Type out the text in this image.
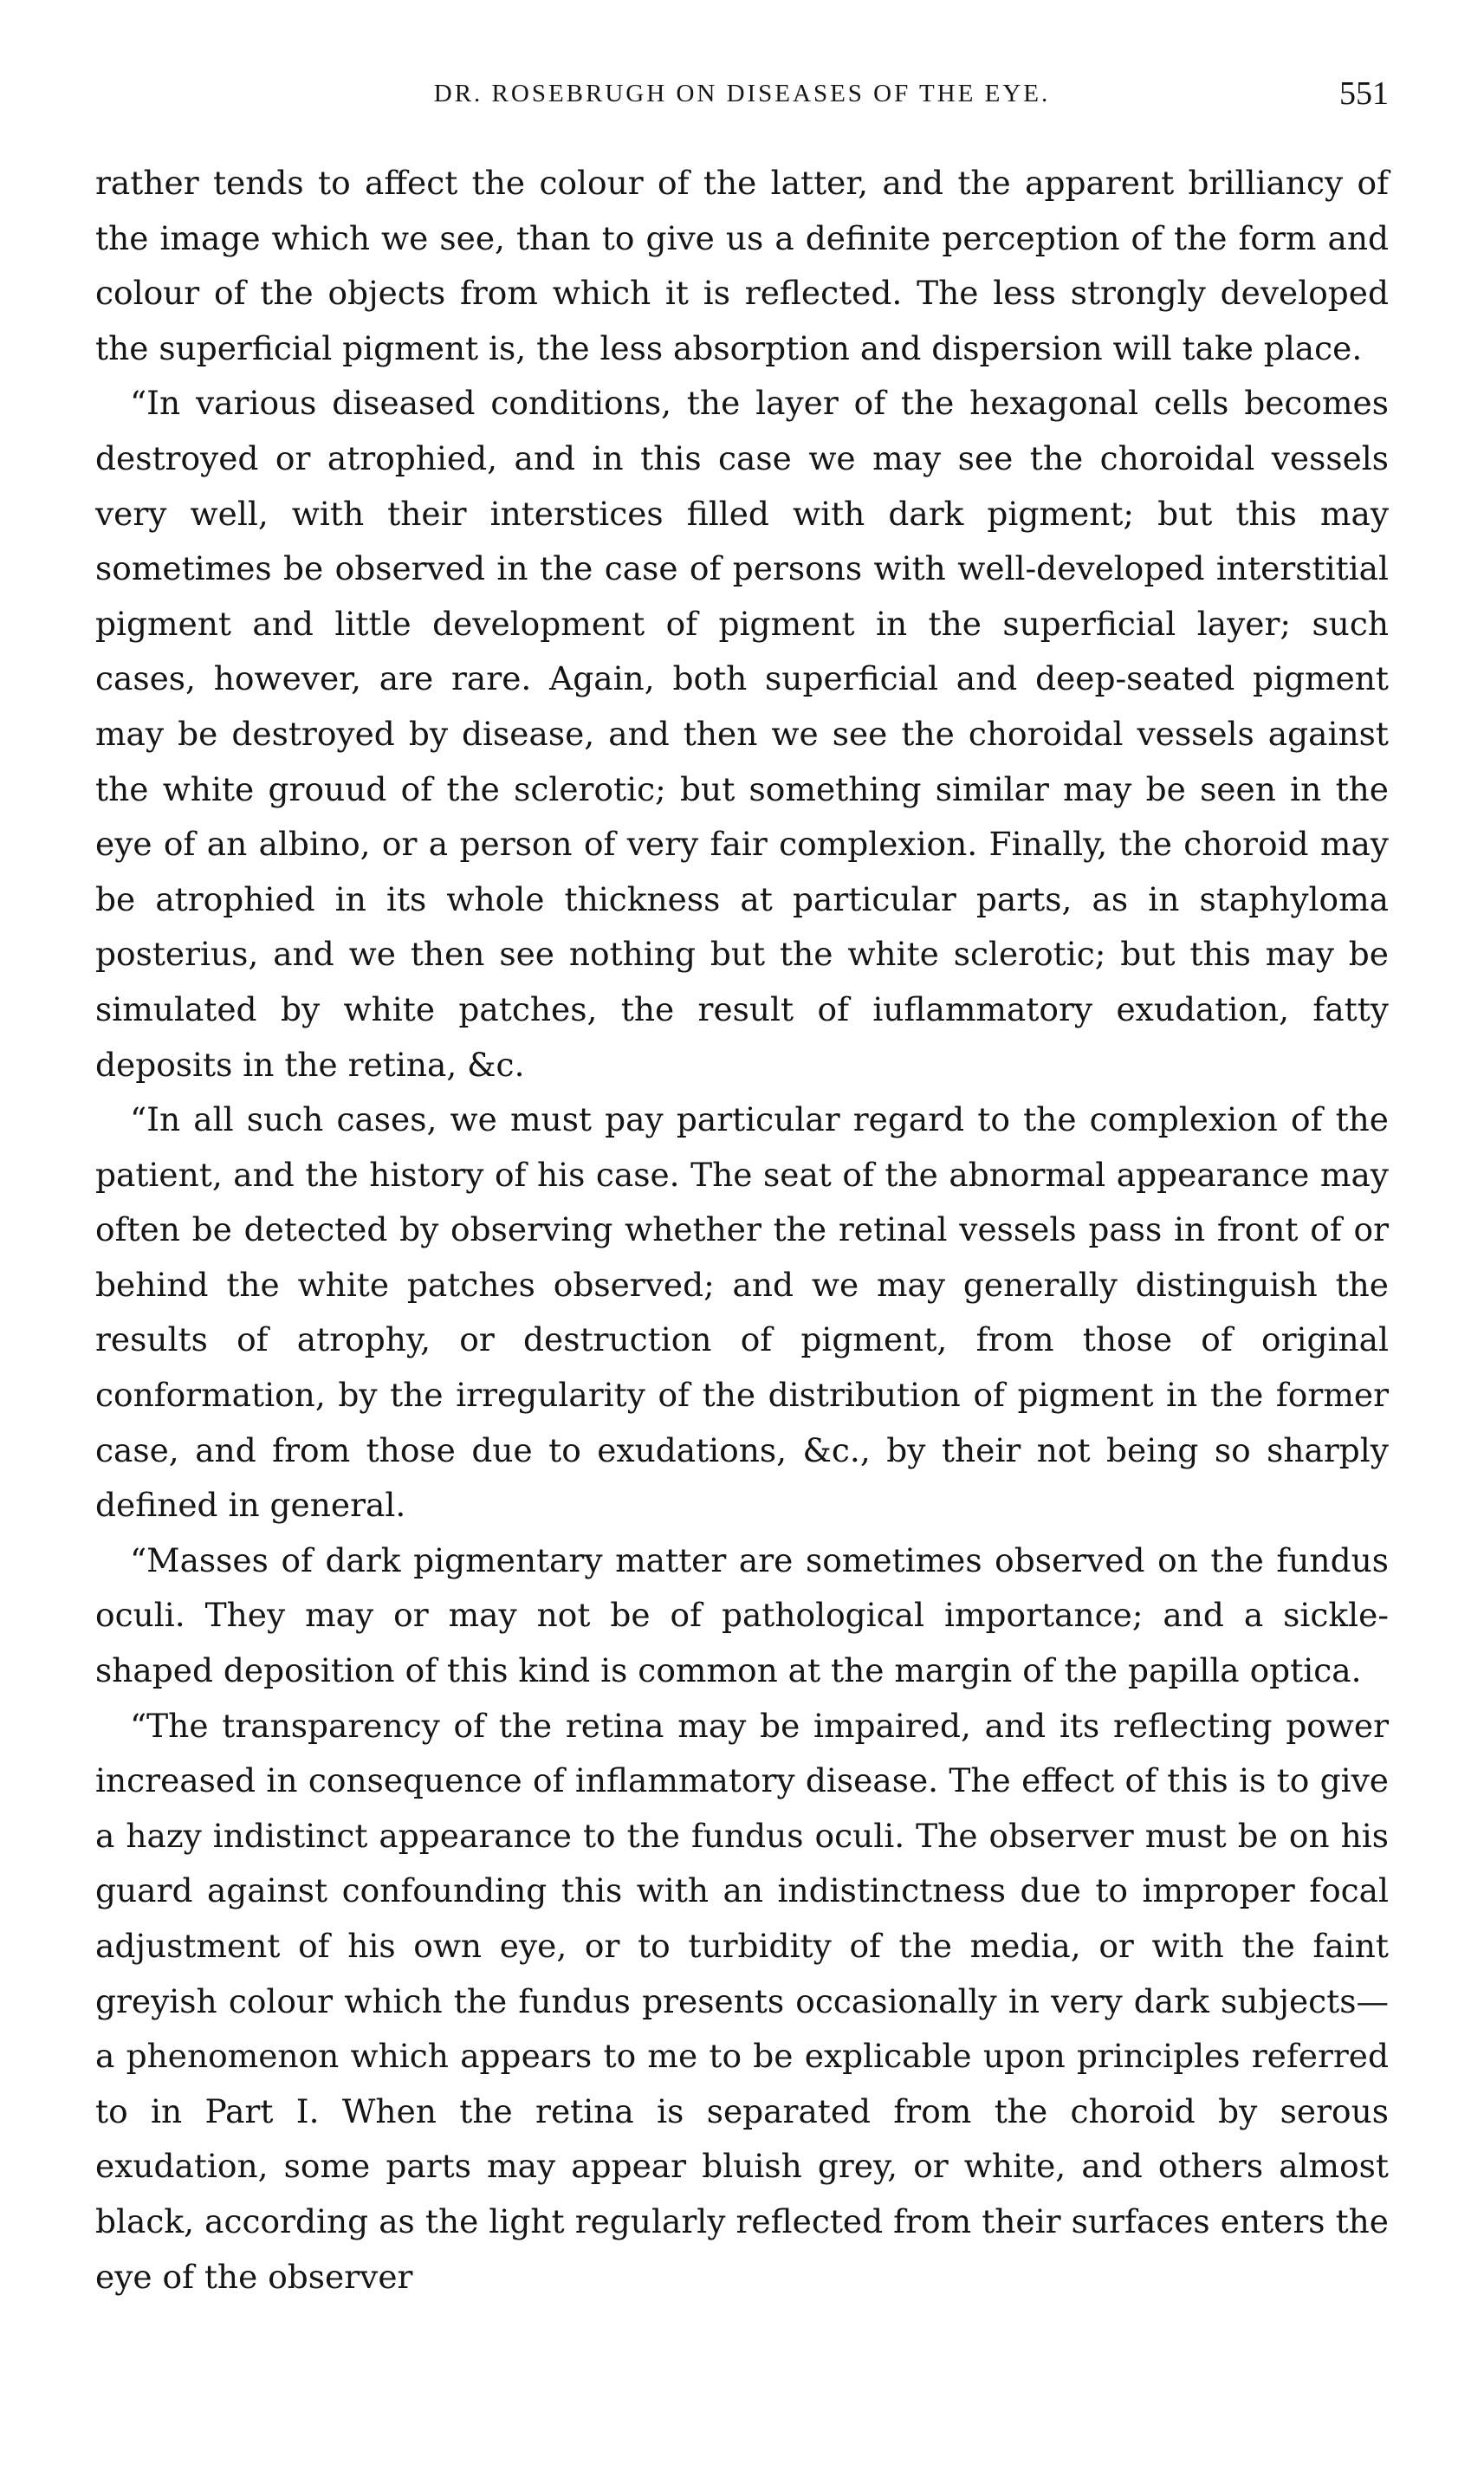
DR. ROSEBRUGH ON DISEASES OF THE EYE.	551

rather tends to affect the colour of the latter, and the apparent brilliancy of the image which we see, than to give us a definite perception of the form and colour of the objects from which it is reflected. The less strongly developed the superficial pigment is, the less absorption and dispersion will take place.

“In various diseased conditions, the layer of the hexagonal cells becomes destroyed or atrophied, and in this case we may see the choroidal vessels very well, with their interstices filled with dark pigment; but this may sometimes be observed in the case of persons with well-developed interstitial pigment and little development of pigment in the superficial layer; such cases, however, are rare. Again, both superficial and deep-seated pigment may be destroyed by disease, and then we see the choroidal vessels against the white grouud of the sclerotic; but something similar may be seen in the eye of an albino, or a person of very fair complexion. Finally, the choroid may be atrophied in its whole thickness at particular parts, as in staphyloma posterius, and we then see nothing but the white sclerotic; but this may be simulated by white patches, the result of iuflammatory exudation, fatty deposits in the retina, &c.

“In all such cases, we must pay particular regard to the complexion of the patient, and the history of his case. The seat of the abnormal appearance may often be detected by observing whether the retinal vessels pass in front of or behind the white patches observed; and we may generally distinguish the results of atrophy, or destruction of pigment, from those of original conformation, by the irregularity of the distribution of pigment in the former case, and from those due to exudations, &c., by their not being so sharply defined in general.

“Masses of dark pigmentary matter are sometimes observed on the fundus oculi. They may or may not be of pathological importance; and a sickle-shaped deposition of this kind is common at the margin of the papilla optica.

“The transparency of the retina may be impaired, and its reflecting power increased in consequence of inflammatory disease. The effect of this is to give a hazy indistinct appearance to the fundus oculi. The observer must be on his guard against confounding this with an indistinctness due to improper focal adjustment of his own eye, or to turbidity of the media, or with the faint greyish colour which the fundus presents occasionally in very dark subjects—a phenomenon which appears to me to be explicable upon principles referred to in Part I. When the retina is separated from the choroid by serous exudation, some parts may appear bluish grey, or white, and others almost black, according as the light regularly reflected from their surfaces enters the eye of the observer
